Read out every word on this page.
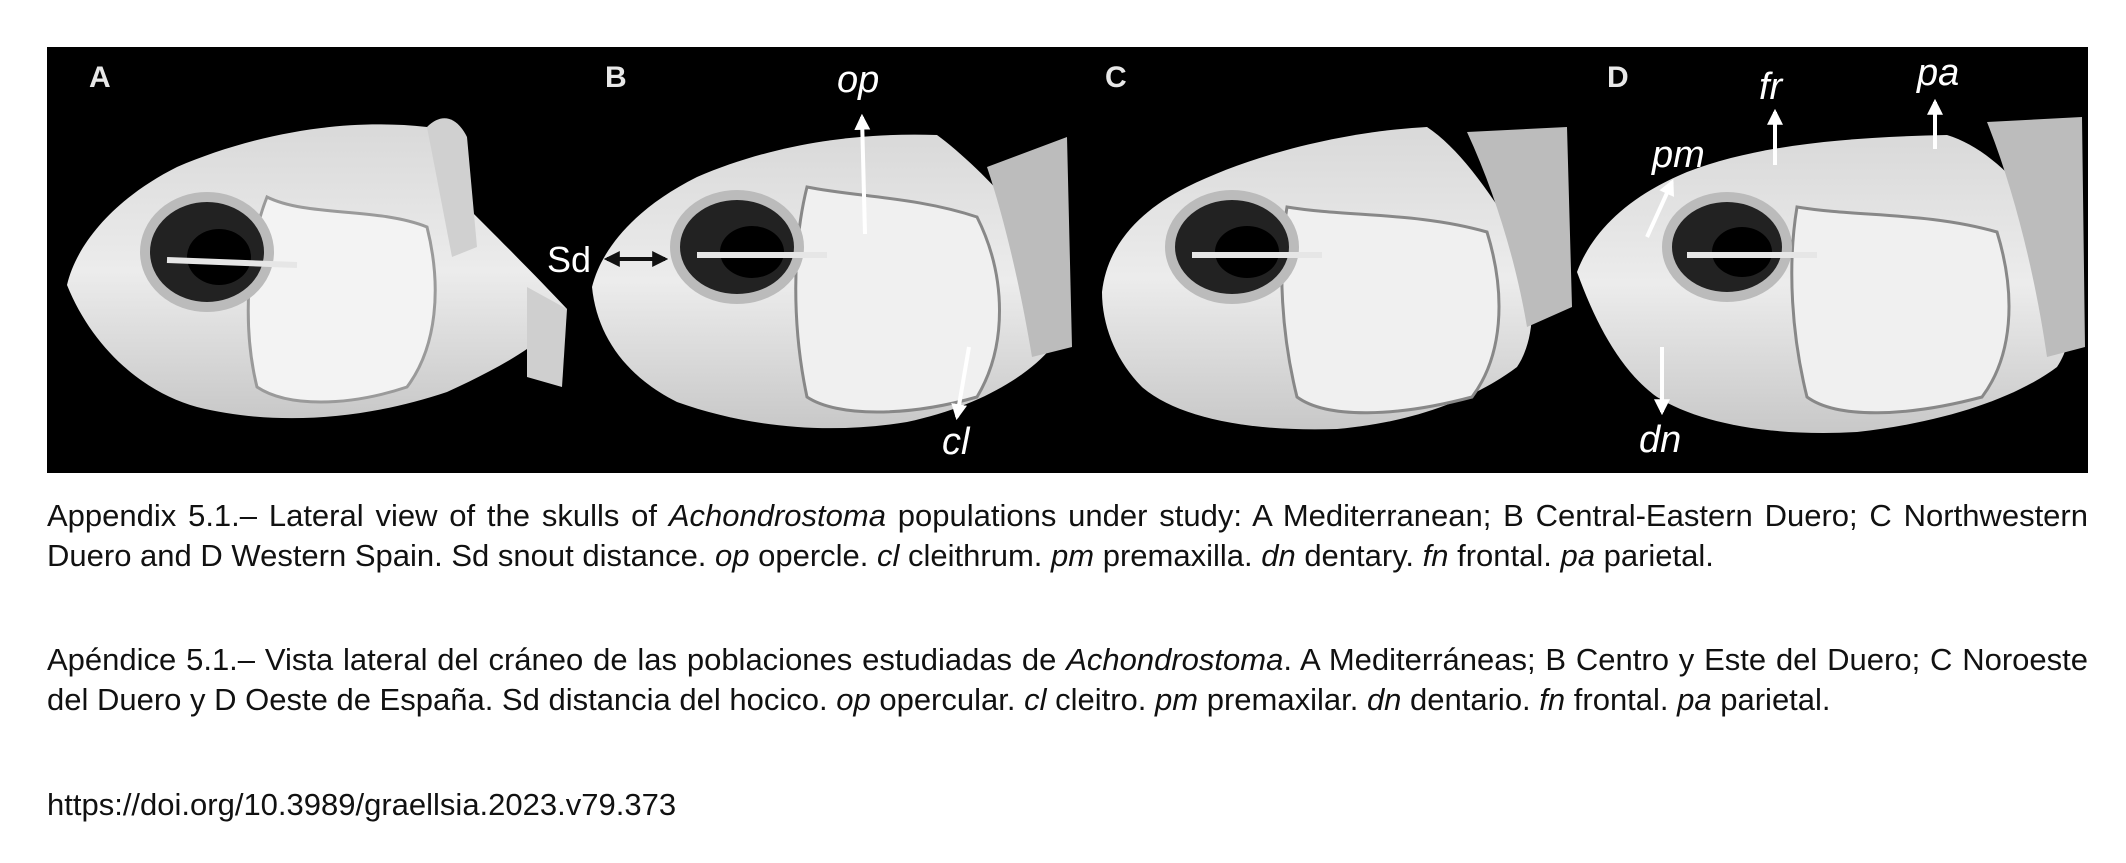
A	B	op
cl
Sd
C	D
pm
fr	pa
dn
Appendix 5.1.– Lateral view of the skulls of Achondrostoma populations under study: A Mediterranean; B Central-Eastern Duero; C Northwestern Duero and D Western Spain. Sd snout distance. op opercle. cl cleithrum. pm premaxilla. dn dentary. fn frontal. pa parietal.
Apéndice 5.1.– Vista lateral del cráneo de las poblaciones estudiadas de Achondrostoma. A Mediterráneas; B Centro y Este del Duero; C Noroeste del Duero y D Oeste de España. Sd distancia del hocico. op opercular. cl cleitro. pm premaxilar. dn dentario. fn frontal. pa parietal.
https://doi.org/10.3989/graellsia.2023.v79.373
